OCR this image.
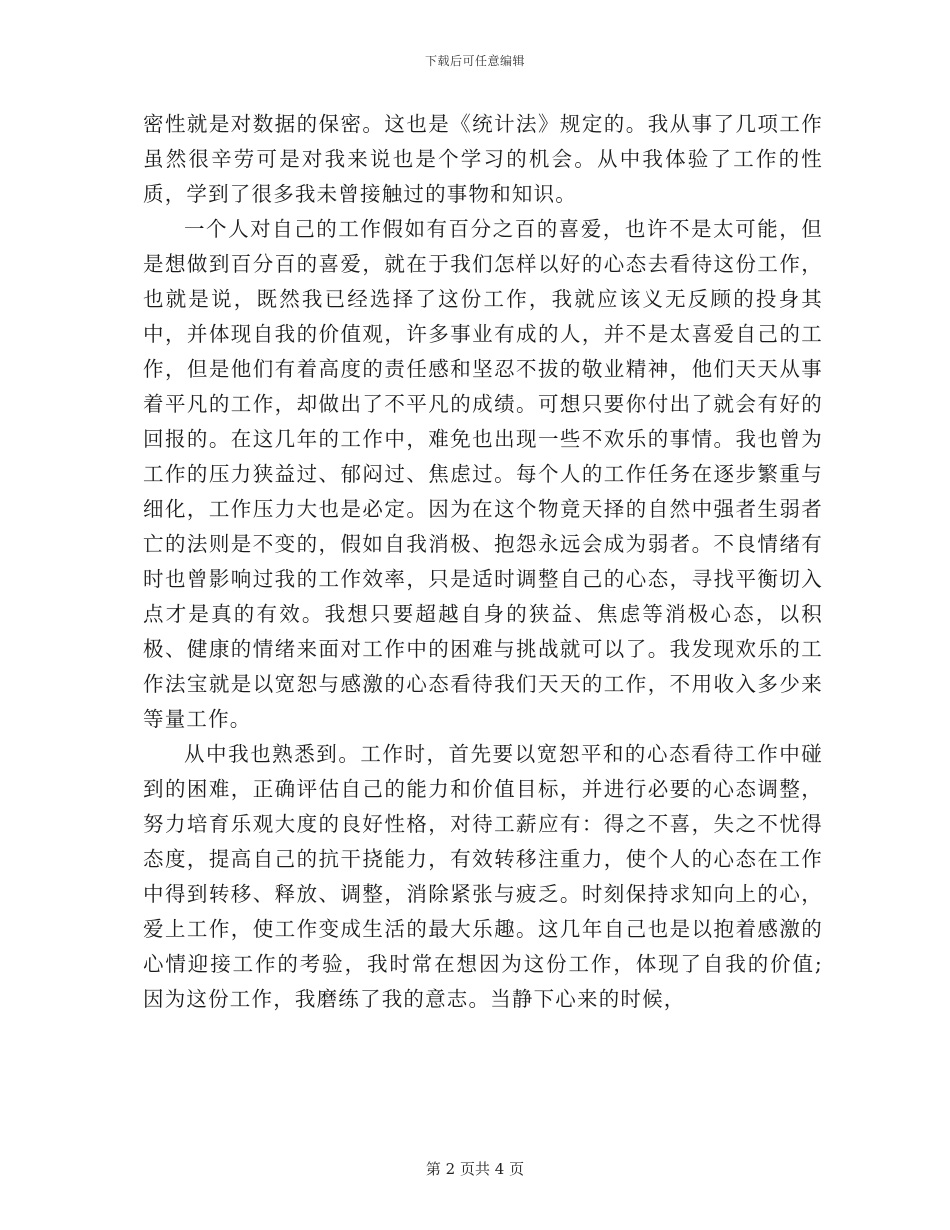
下载后可任意编辑

密性就是对数据的保密。这也是《统计法》规定的。我从事了几项工作虽然很辛劳可是对我来说也是个学习的机会。从中我体验了工作的性质，学到了很多我未曾接触过的事物和知识。

一个人对自己的工作假如有百分之百的喜爱，也许不是太可能，但是想做到百分百的喜爱，就在于我们怎样以好的心态去看待这份工作，也就是说，既然我已经选择了这份工作，我就应该义无反顾的投身其中，并体现自我的价值观，许多事业有成的人，并不是太喜爱自己的工作，但是他们有着高度的责任感和坚忍不拔的敬业精神，他们天天从事着平凡的工作，却做出了不平凡的成绩。可想只要你付出了就会有好的回报的。在这几年的工作中，难免也出现一些不欢乐的事情。我也曾为工作的压力狭益过、郁闷过、焦虑过。每个人的工作任务在逐步繁重与细化，工作压力大也是必定。因为在这个物竟天择的自然中强者生弱者亡的法则是不变的，假如自我消极、抱怨永远会成为弱者。不良情绪有时也曾影响过我的工作效率，只是适时调整自己的心态，寻找平衡切入点才是真的有效。我想只要超越自身的狭益、焦虑等消极心态，以积极、健康的情绪来面对工作中的困难与挑战就可以了。我发现欢乐的工作法宝就是以宽恕与感激的心态看待我们天天的工作，不用收入多少来等量工作。

从中我也熟悉到。工作时，首先要以宽恕平和的心态看待工作中碰到的困难，正确评估自己的能力和价值目标，并进行必要的心态调整，努力培育乐观大度的良好性格，对待工薪应有：得之不喜，失之不忧得态度，提高自己的抗干挠能力，有效转移注重力，使个人的心态在工作中得到转移、释放、调整，消除紧张与疲乏。时刻保持求知向上的心，爱上工作，使工作变成生活的最大乐趣。这几年自己也是以抱着感激的心情迎接工作的考验，我时常在想因为这份工作，体现了自我的价值;因为这份工作，我磨练了我的意志。当静下心来的时候，

第 2 页共 4 页
